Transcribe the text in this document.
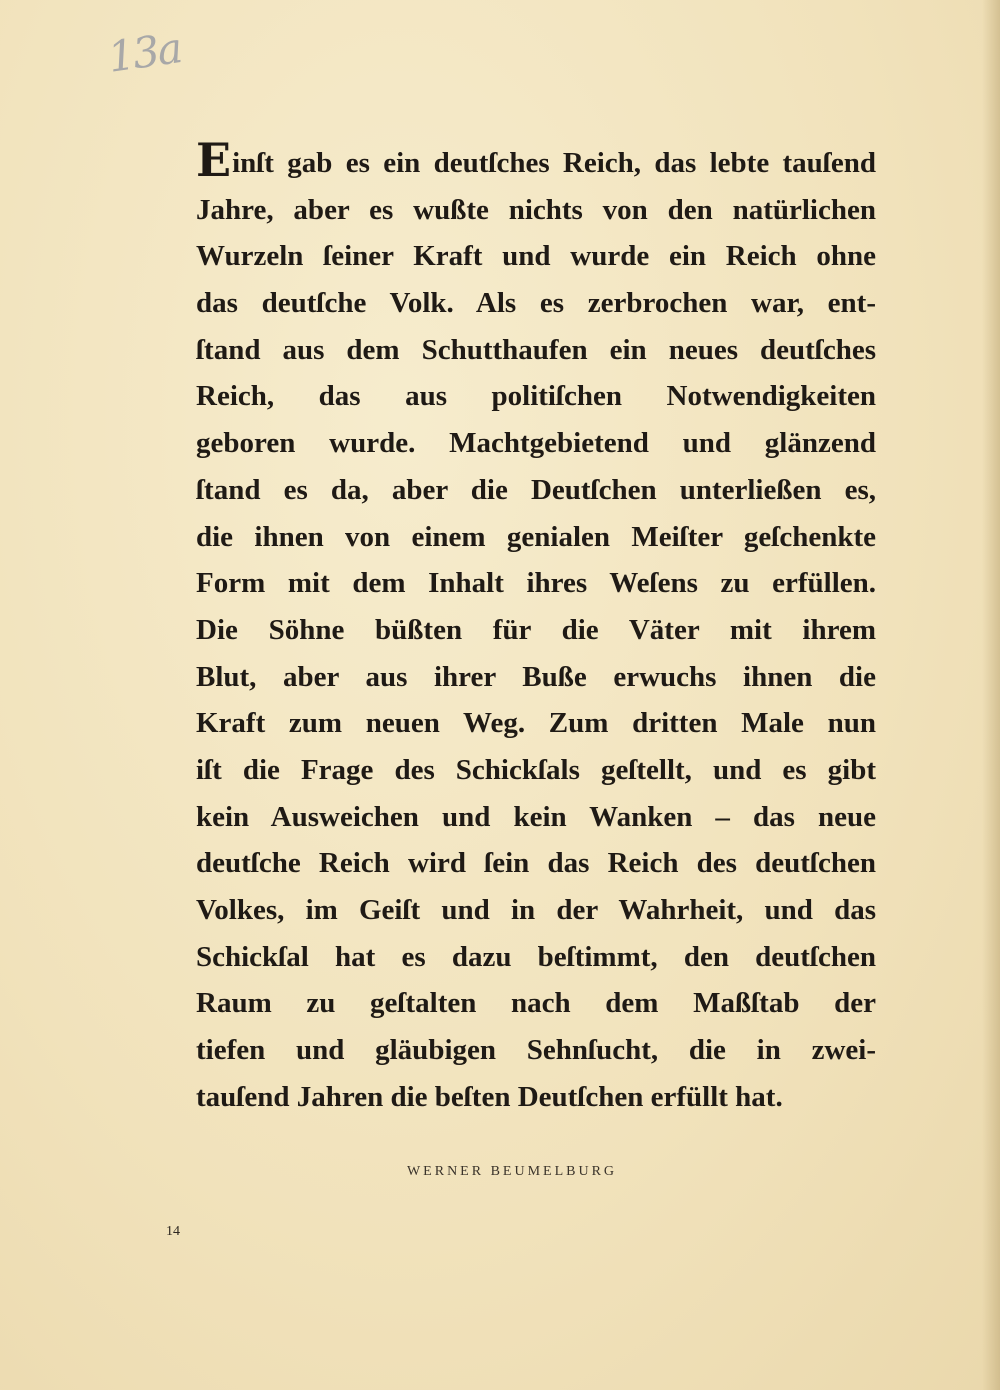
13a
Einſt gab es ein deutſches Reich, das lebte tauſend
Jahre, aber es wußte nichts von den natürlichen
Wurzeln ſeiner Kraft und wurde ein Reich ohne
das deutſche Volk. Als es zerbrochen war, ent-
ſtand aus dem Schutthaufen ein neues deutſches
Reich, das aus politiſchen Notwendigkeiten
geboren wurde. Machtgebietend und glänzend
ſtand es da, aber die Deutſchen unterließen es,
die ihnen von einem genialen Meiſter geſchenkte
Form mit dem Inhalt ihres Weſens zu erfüllen.
Die Söhne büßten für die Väter mit ihrem
Blut, aber aus ihrer Buße erwuchs ihnen die
Kraft zum neuen Weg. Zum dritten Male nun
iſt die Frage des Schickſals geſtellt, und es gibt
kein Ausweichen und kein Wanken – das neue
deutſche Reich wird ſein das Reich des deutſchen
Volkes, im Geiſt und in der Wahrheit, und das
Schickſal hat es dazu beſtimmt, den deutſchen
Raum zu geſtalten nach dem Maßſtab der
tiefen und gläubigen Sehnſucht, die in zwei-
tauſend Jahren die beſten Deutſchen erfüllt hat.
WERNER BEUMELBURG
14
